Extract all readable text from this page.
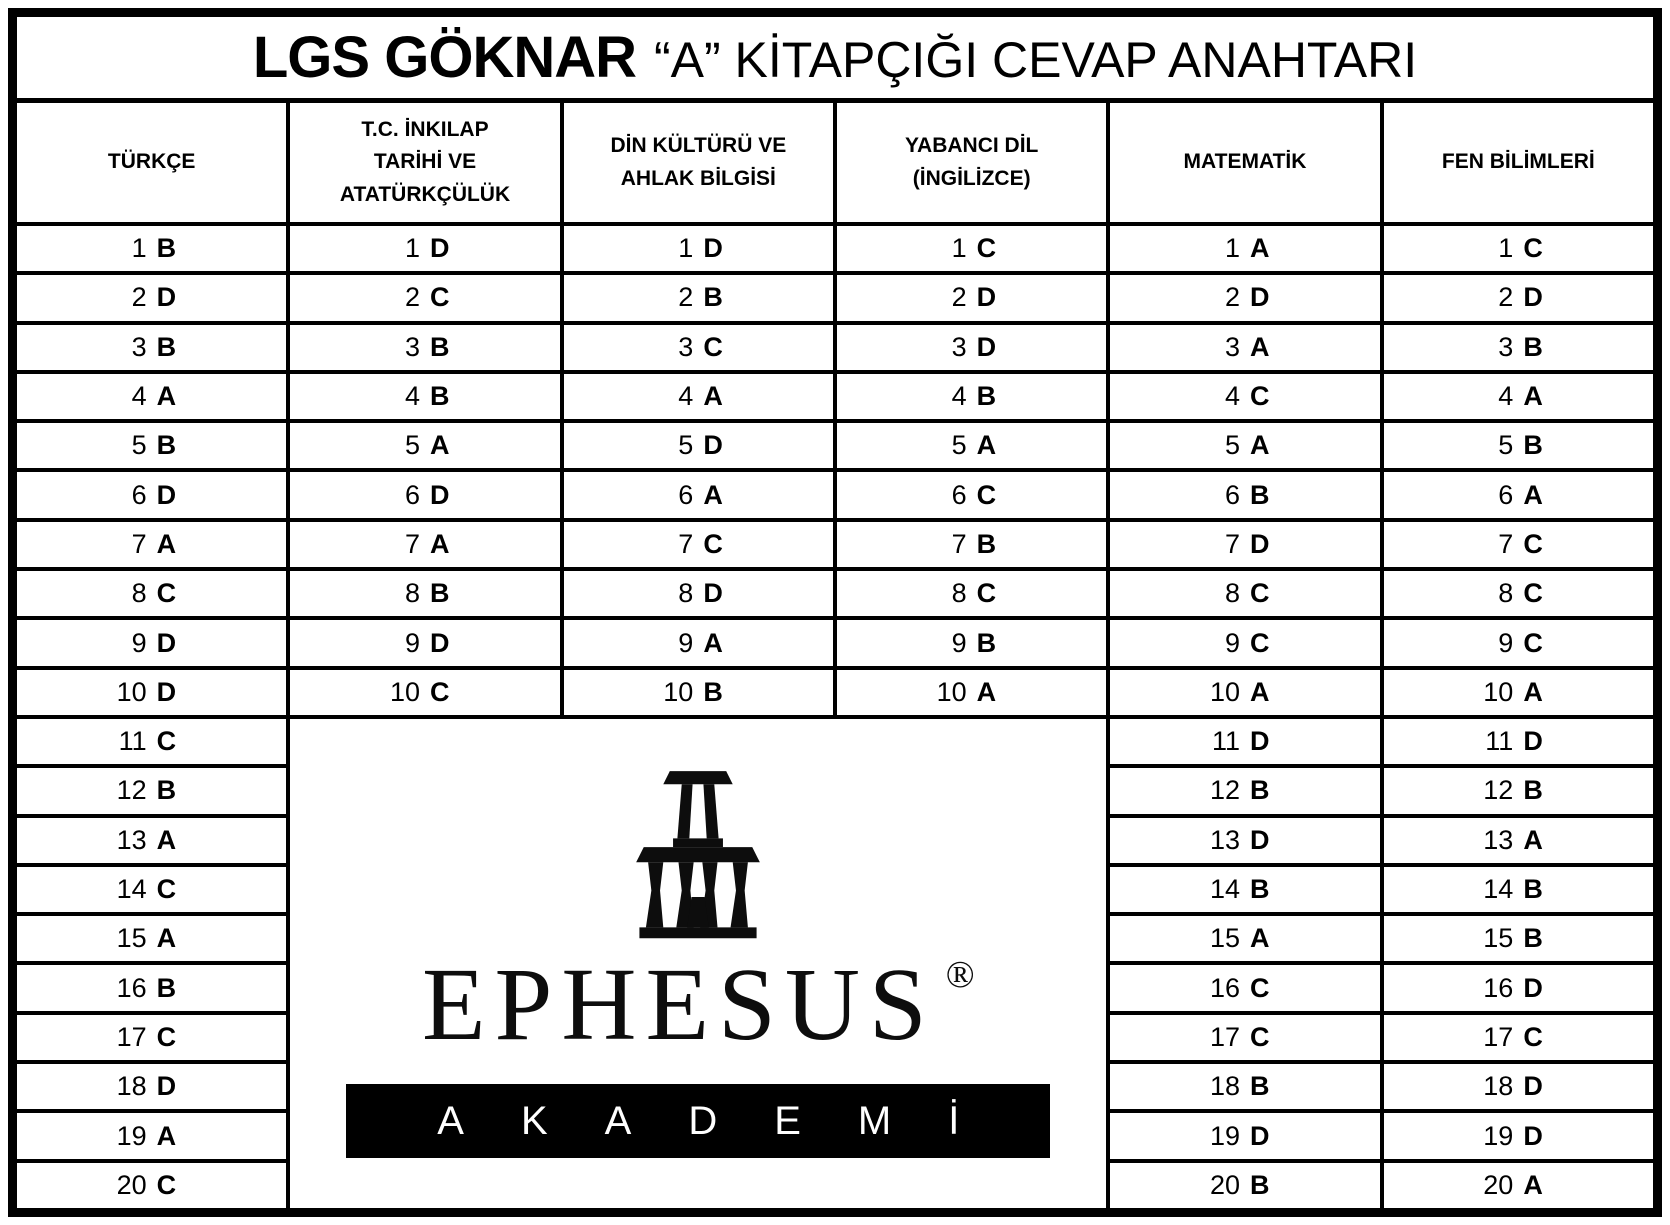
LGS GÖKNAR “A” KİTAPÇIĞI CEVAP ANAHTARI
EPHESUS ®
AKADEMİ
TÜRKÇE
1 B
2 D
3 B
4 A
5 B
6 D
7 A
8 C
9 D
10 D
11 C
12 B
13 A
14 C
15 A
16 B
17 C
18 D
19 A
20 C
T.C. İNKILAP
TARİHİ VE
ATATÜRKÇÜLÜK
1 D
2 C
3 B
4 B
5 A
6 D
7 A
8 B
9 D
10 C
DİN KÜLTÜRÜ VE
AHLAK BİLGİSİ
1 D
2 B
3 C
4 A
5 D
6 A
7 C
8 D
9 A
10 B
YABANCI DİL
(İNGİLİZCE)
1 C
2 D
3 D
4 B
5 A
6 C
7 B
8 C
9 B
10 A
MATEMATİK
1 A
2 D
3 A
4 C
5 A
6 B
7 D
8 C
9 C
10 A
11 D
12 B
13 D
14 B
15 A
16 C
17 C
18 B
19 D
20 B
FEN BİLİMLERİ
1 C
2 D
3 B
4 A
5 B
6 A
7 C
8 C
9 C
10 A
11 D
12 B
13 A
14 B
15 B
16 D
17 C
18 D
19 D
20 A
